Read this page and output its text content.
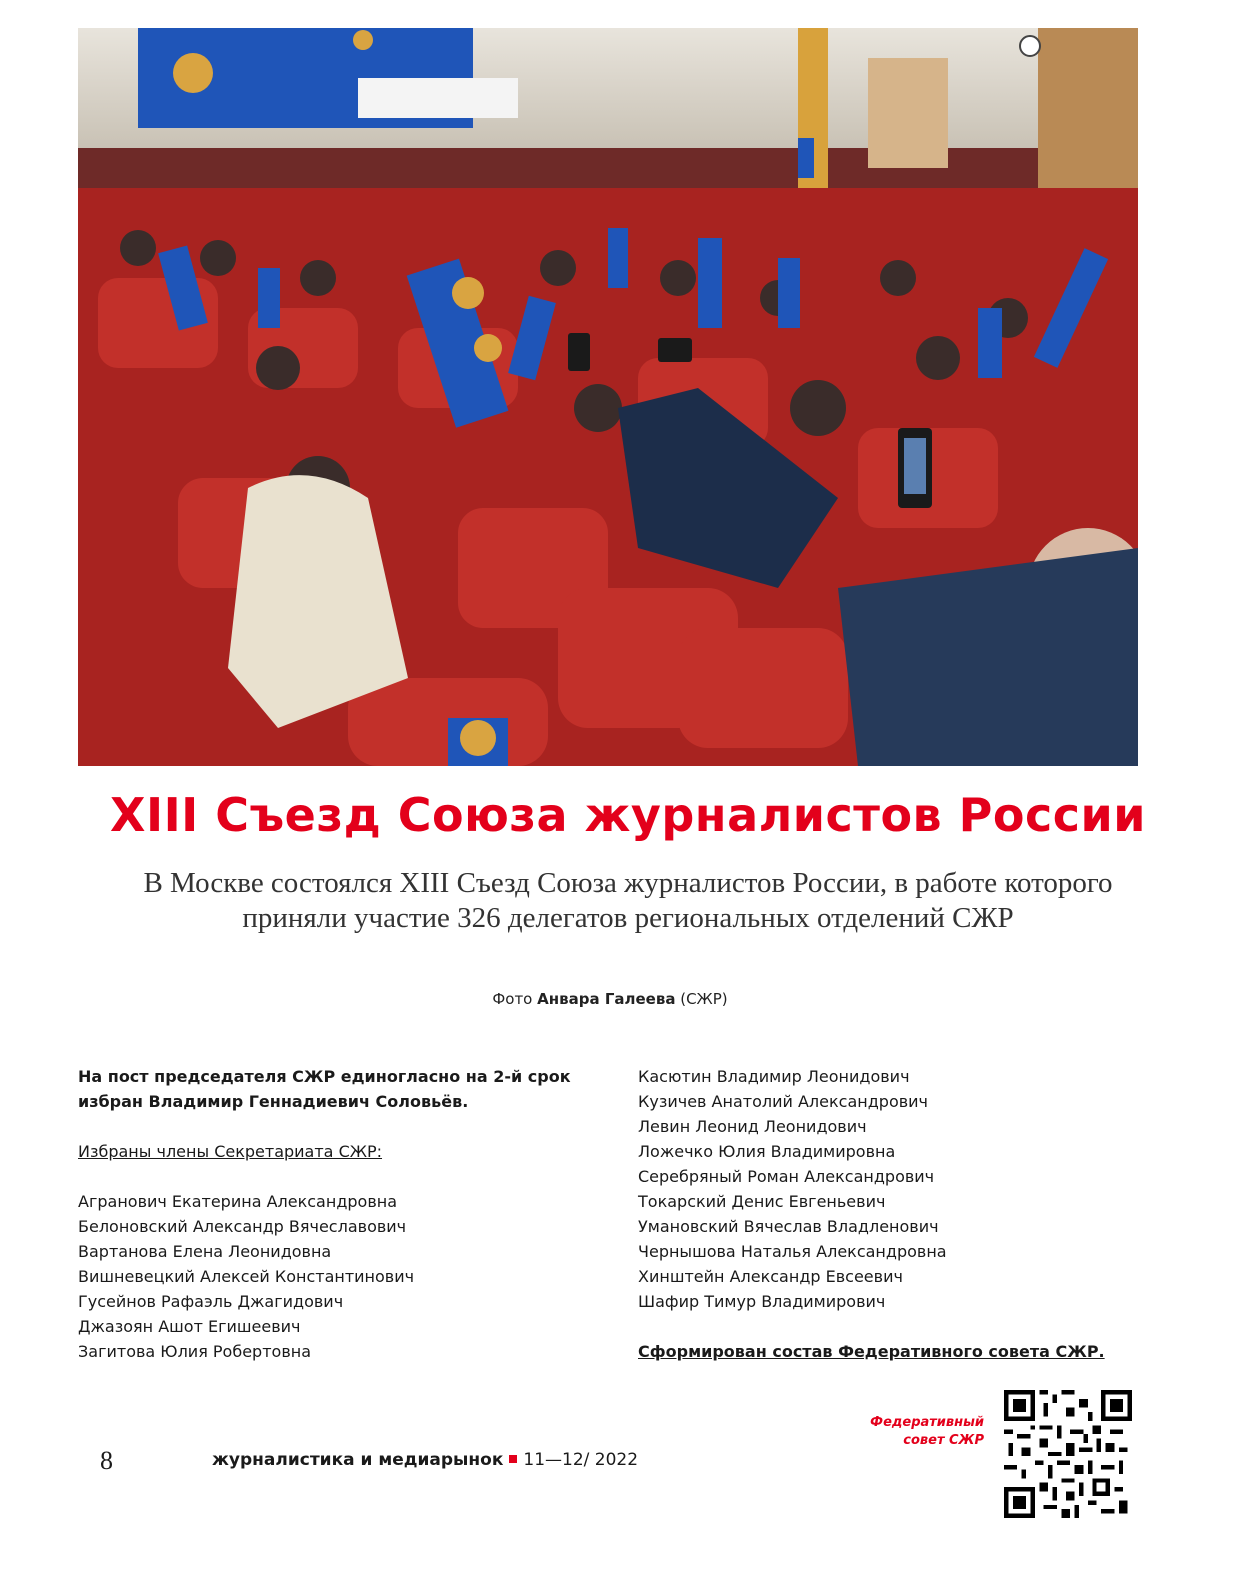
XIII Съезд Союза журналистов России
В Москве состоялся XIII Съезд Союза журналистов России, в работе которого приняли участие 326 делегатов региональных отделений СЖР
Фото Анвара Галеева (СЖР)
На пост председателя СЖР единогласно на 2-й срок избран Владимир Геннадиевич Соловьёв.
Избраны члены Секретариата СЖР:
Агранович Екатерина Александровна
Белоновский Александр Вячеславович
Вартанова Елена Леонидовна
Вишневецкий Алексей Константинович
Гусейнов Рафаэль Джагидович
Джазоян Ашот Егишеевич
Загитова Юлия Робертовна
Касютин Владимир Леонидович
Кузичев Анатолий Александрович
Левин Леонид Леонидович
Ложечко Юлия Владимировна
Серебряный Роман Александрович
Токарский Денис Евгеньевич
Умановский Вячеслав Владленович
Чернышова Наталья Александровна
Хинштейн Александр Евсеевич
Шафир Тимур Владимирович
Сформирован состав Федеративного совета СЖР.
8	журналистика и медиарынок 11—12/ 2022
Федеративный совет СЖР
